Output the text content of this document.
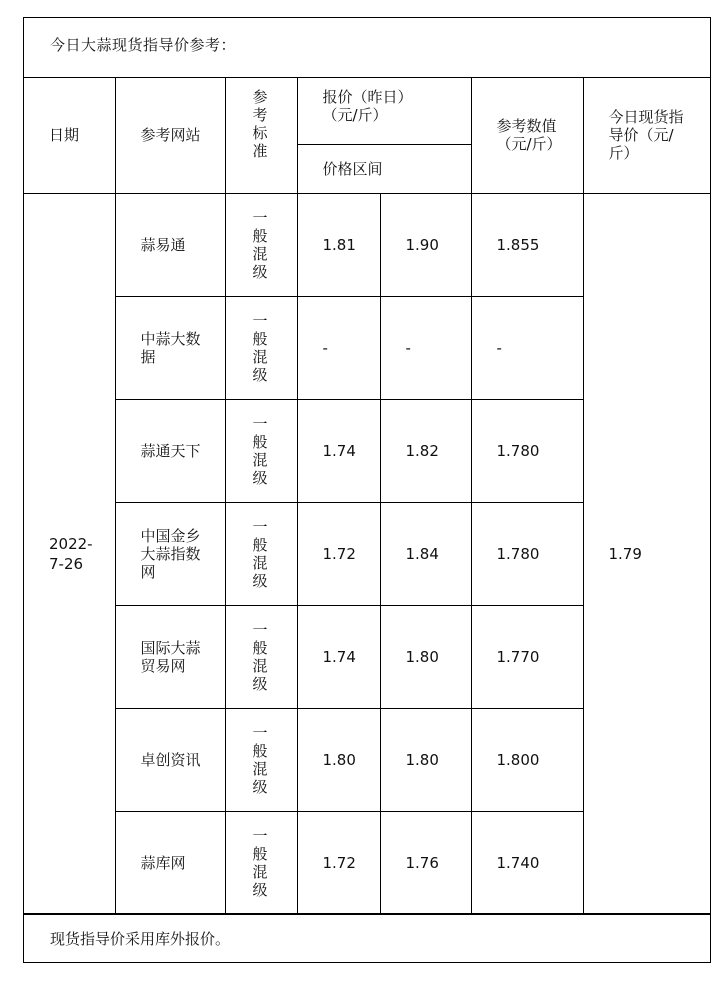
今日大蒜现货指导价参考：
日期	参考网站	参考标准	报价（昨日）（元/斤）		参考数值（元/斤）	今日现货指导价（元/斤）
			价格区间			
2022-7-26	蒜易通	一般混级	1.81	1.90	1.855	1.79
	中蒜大数据	一般混级	-	-	-	
	蒜通天下	一般混级	1.74	1.82	1.780	
	中国金乡大蒜指数网	一般混级	1.72	1.84	1.780	
	国际大蒜贸易网	一般混级	1.74	1.80	1.770	
	卓创资讯	一般混级	1.80	1.80	1.800	
	蒜库网	一般混级	1.72	1.76	1.740	
现货指导价采用库外报价。
